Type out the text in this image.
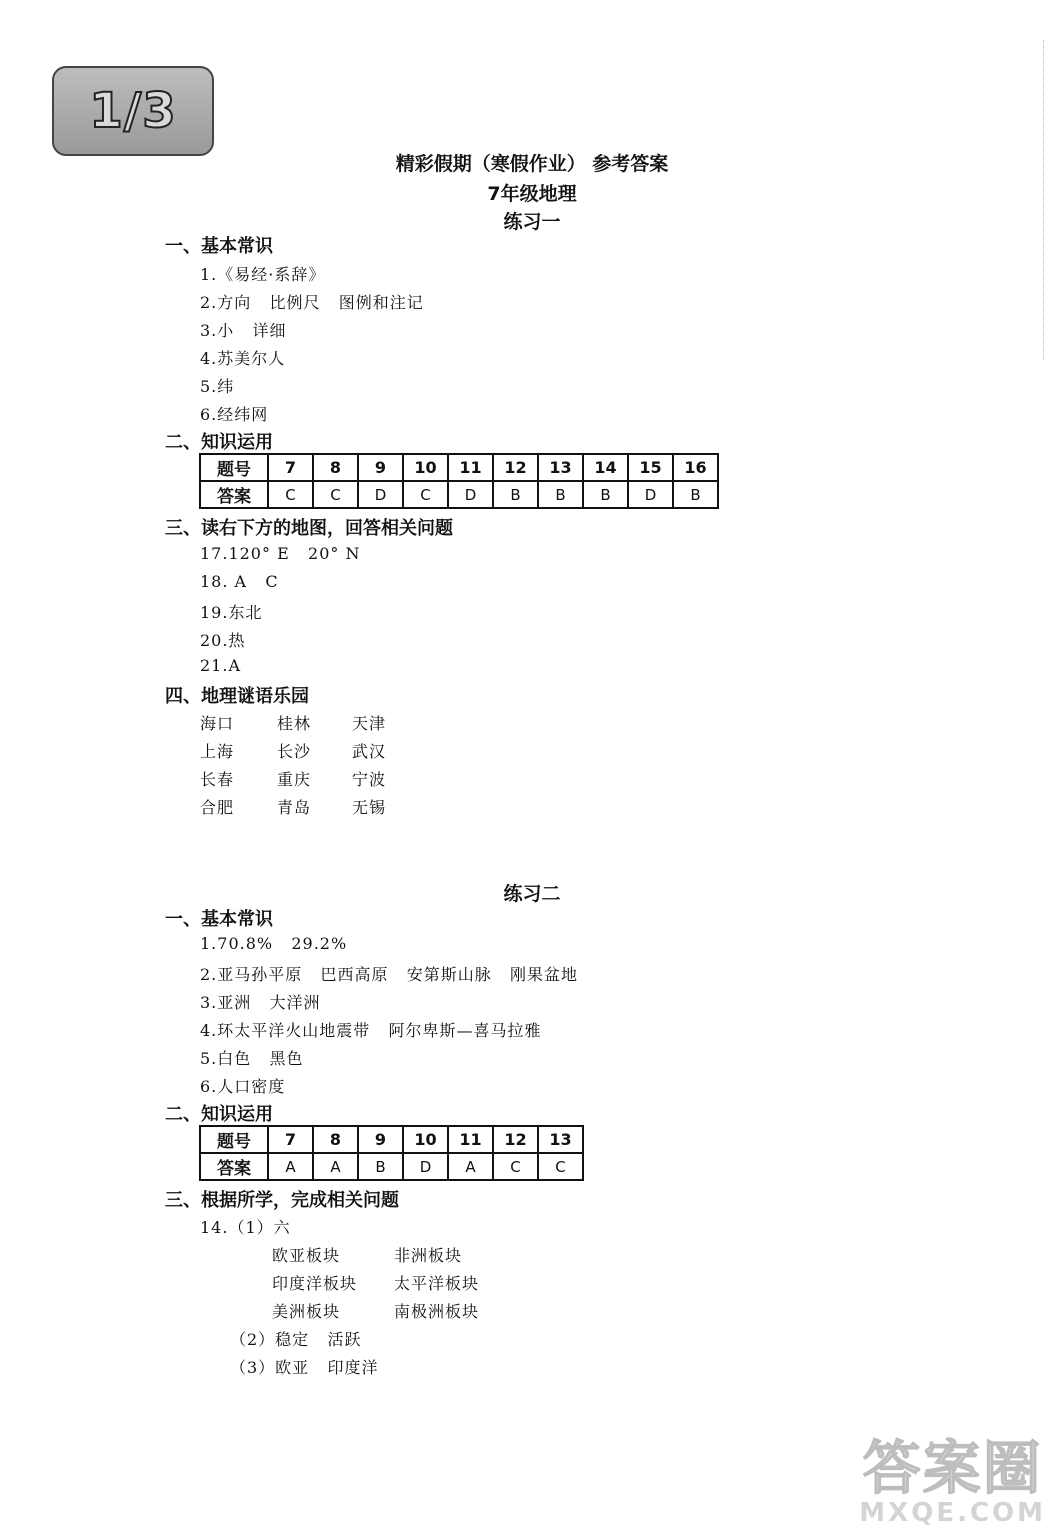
1/3
精彩假期（寒假作业） 参考答案
7年级地理
练习一
一、基本常识
1.《易经·系辞》
2.方向   比例尺   图例和注记
3.小   详细
4.苏美尔人
5.纬
6.经纬网
二、知识运用
题号	7	8	9	10	11	12	13	14	15	16
答案	C	C	D	C	D	B	B	B	D	B
三、读右下方的地图，回答相关问题
17.120° E   20° N
18. A   C
19.东北
20.热
21.A
四、地理谜语乐园
海口	桂林	天津
上海	长沙	武汉
长春	重庆	宁波
合肥	青岛	无锡
练习二
一、基本常识
1.70.8%   29.2%
2.亚马孙平原   巴西高原   安第斯山脉   刚果盆地
3.亚洲   大洋洲
4.环太平洋火山地震带   阿尔卑斯—喜马拉雅
5.白色   黑色
6.人口密度
二、知识运用
题号	7	8	9	10	11	12	13
答案	A	A	B	D	A	C	C
三、根据所学，完成相关问题
14.（1）六
欧亚板块	非洲板块
印度洋板块 太平洋板块
美洲板块	南极洲板块
（2）稳定   活跃
（3）欧亚   印度洋
答案圈
MXQE.COM
